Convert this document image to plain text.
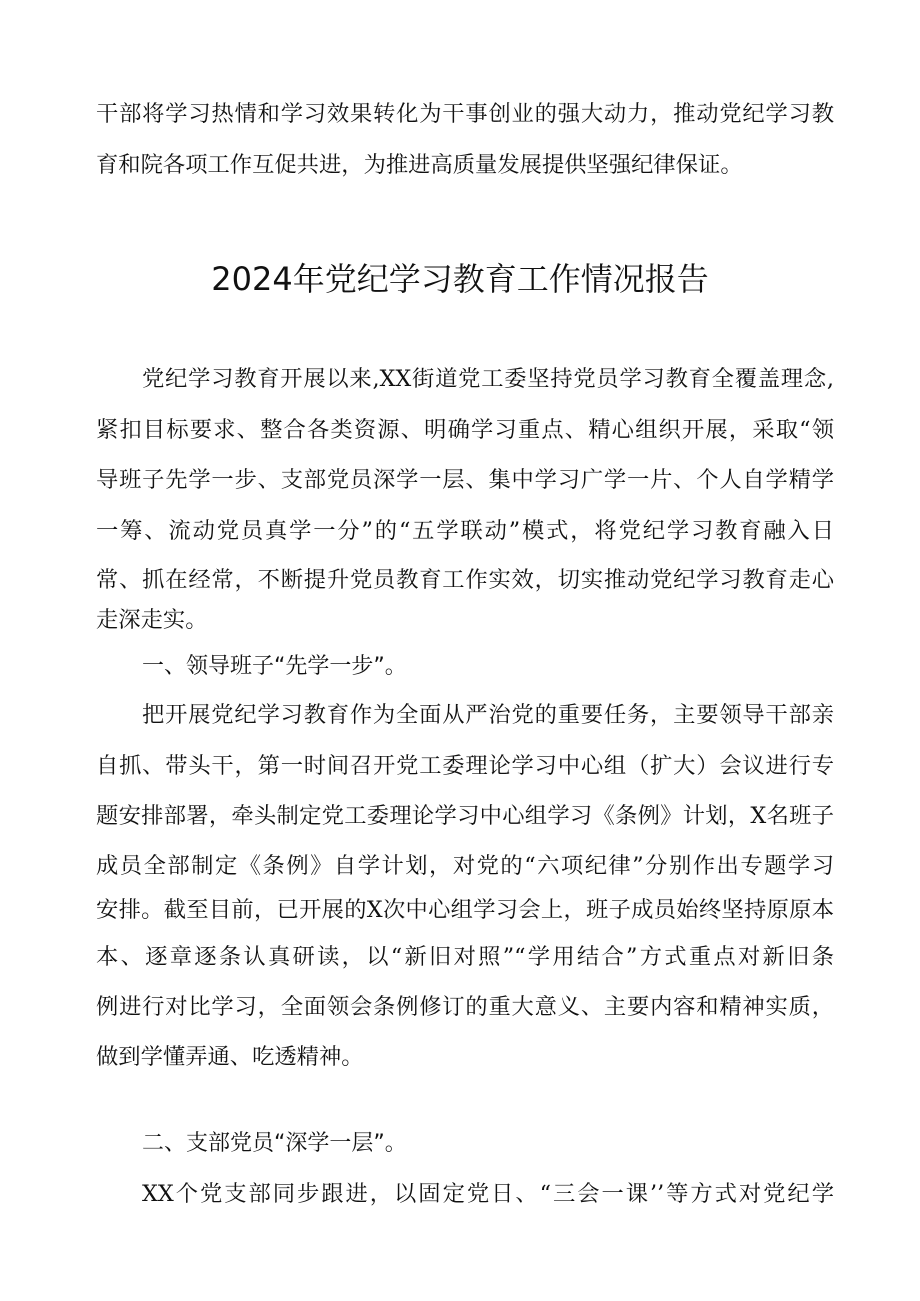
干部将学习热情和学习效果转化为干事创业的强大动力，推动党纪学习教
育和院各项工作互促共进，为推进高质量发展提供坚强纪律保证。
2024年党纪学习教育工作情况报告
党纪学习教育开展以来,XX街道党工委坚持党员学习教育全覆盖理念,
紧扣目标要求、整合各类资源、明确学习重点、精心组织开展，采取“领
导班子先学一步、支部党员深学一层、集中学习广学一片、个人自学精学
一筹、流动党员真学一分”的“五学联动”模式，将党纪学习教育融入日
常、抓在经常，不断提升党员教育工作实效，切实推动党纪学习教育走心
走深走实。
一、领导班子“先学一步”。
把开展党纪学习教育作为全面从严治党的重要任务，主要领导干部亲
自抓、带头干，第一时间召开党工委理论学习中心组（扩大）会议进行专
题安排部署，牵头制定党工委理论学习中心组学习《条例》计划，X名班子
成员全部制定《条例》自学计划，对党的“六项纪律”分别作出专题学习
安排。截至目前，已开展的X次中心组学习会上，班子成员始终坚持原原本
本、逐章逐条认真研读，以“新旧对照”“学用结合”方式重点对新旧条
例进行对比学习，全面领会条例修订的重大意义、主要内容和精神实质，
做到学懂弄通、吃透精神。
二、支部党员“深学一层”。
XX个党支部同步跟进，以固定党日、“三会一课’’等方式对党纪学
